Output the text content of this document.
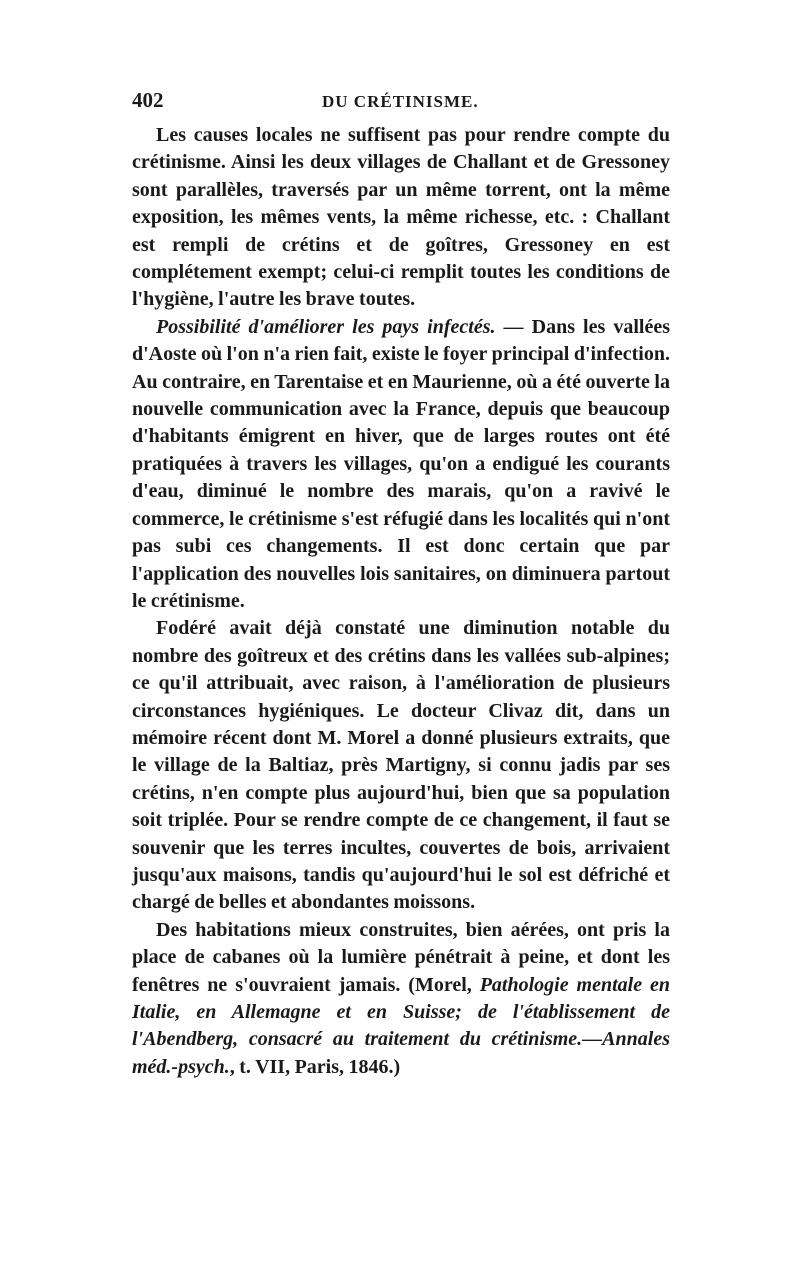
402	DU CRÉTINISME.

Les causes locales ne suffisent pas pour rendre compte du crétinisme. Ainsi les deux villages de Challant et de Gressoney sont parallèles, traversés par un même torrent, ont la même exposition, les mêmes vents, la même richesse, etc. : Challant est rempli de crétins et de goîtres, Gressoney en est complétement exempt; celui-ci remplit toutes les conditions de l'hygiène, l'autre les brave toutes.

Possibilité d'améliorer les pays infectés. — Dans les vallées d'Aoste où l'on n'a rien fait, existe le foyer principal d'infection. Au contraire, en Tarentaise et en Maurienne, où a été ouverte la nouvelle communication avec la France, depuis que beaucoup d'habitants émigrent en hiver, que de larges routes ont été pratiquées à travers les villages, qu'on a endigué les courants d'eau, diminué le nombre des marais, qu'on a ravivé le commerce, le crétinisme s'est réfugié dans les localités qui n'ont pas subi ces changements. Il est donc certain que par l'application des nouvelles lois sanitaires, on diminuera partout le crétinisme.

Fodéré avait déjà constaté une diminution notable du nombre des goîtreux et des crétins dans les vallées sub-alpines; ce qu'il attribuait, avec raison, à l'amélioration de plusieurs circonstances hygiéniques. Le docteur Clivaz dit, dans un mémoire récent dont M. Morel a donné plusieurs extraits, que le village de la Baltiaz, près Martigny, si connu jadis par ses crétins, n'en compte plus aujourd'hui, bien que sa population soit triplée. Pour se rendre compte de ce changement, il faut se souvenir que les terres incultes, couvertes de bois, arrivaient jusqu'aux maisons, tandis qu'aujourd'hui le sol est défriché et chargé de belles et abondantes moissons.

Des habitations mieux construites, bien aérées, ont pris la place de cabanes où la lumière pénétrait à peine, et dont les fenêtres ne s'ouvraient jamais. (Morel, Pathologie mentale en Italie, en Allemagne et en Suisse; de l'établissement de l'Abendberg, consacré au traitement du crétinisme.—Annales méd.-psych., t. VII, Paris, 1846.)
